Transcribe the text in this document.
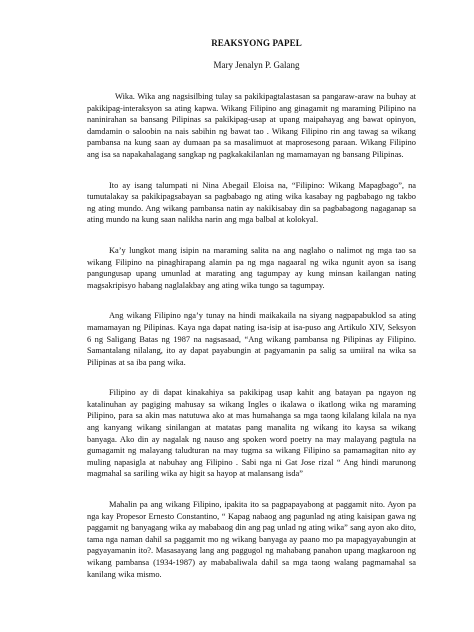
REAKSYONG PAPEL
Mary Jenalyn P. Galang

Wika. Wika ang nagsisilbing tulay sa pakikipagtalastasan sa pangaraw-araw na buhay at pakikipag-interaksyon sa ating kapwa. Wikang Filipino ang ginagamit ng maraming Pilipino na naninirahan sa bansang Pilipinas sa pakikipag-usap at upang maipahayag ang bawat opinyon, damdamin o saloobin na nais sabihin ng bawat tao . Wikang Filipino rin ang tawag sa wikang pambansa na kung saan ay dumaan pa sa masalimuot at maprosesong paraan. Wikang Filipino ang isa sa napakahalagang sangkap ng pagkakakilanlan ng mamamayan ng bansang Pilipinas.

Ito ay isang talumpati ni Nina Abegail Eloisa na, “Filipino: Wikang Mapagbago”, na tumutalakay sa pakikipagsabayan sa pagbabago ng ating wika kasabay ng pagbabago ng takbo ng ating mundo. Ang wikang pambansa natin ay nakikisabay din sa pagbabagong nagaganap sa ating mundo na kung saan nalikha narin ang mga balbal at kolokyal.

Ka’y lungkot mang isipin na maraming salita na ang naglaho o nalimot ng mga tao sa wikang Filipino na pinaghirapang alamin pa ng mga nagaaral ng wika ngunit ayon sa isang pangungusap upang umunlad at marating ang tagumpay ay kung minsan kailangan nating magsakripisyo habang naglalakbay ang ating wika tungo sa tagumpay.

Ang wikang Filipino nga’y tunay na hindi maikakaila na siyang nagpapabuklod sa ating mamamayan ng Pilipinas. Kaya nga dapat nating isa-isip at isa-puso ang Artikulo XIV, Seksyon 6 ng Saligang Batas ng 1987 na nagsasaad, “Ang wikang pambansa ng Pilipinas ay Filipino. Samantalang nilalang, ito ay dapat payabungin at pagyamanin pa salig sa umiiral na wika sa Pilipinas at sa iba pang wika.

Filipino ay di dapat kinakahiya sa pakikipag usap kahit ang batayan pa ngayon ng katalinuhan ay pagiging mahusay sa wikang Ingles o ikalawa o ikatlong wika ng maraming Pilipino, para sa akin mas natutuwa ako at mas humahanga sa mga taong kilalang kilala na nya ang kanyang wikang sinilangan at matatas pang manalita ng wikang ito kaysa sa wikang banyaga. Ako din ay nagalak ng nauso ang spoken word poetry na may malayang pagtula na gumagamit ng malayang taludturan na may tugma sa wikang Filipino sa pamamagitan nito ay muling napasigla at nabuhay ang Filipino . Sabi nga ni Gat Jose rizal “ Ang hindi marunong magmahal sa sariling wika ay higit sa hayop at malansang isda”

Mahalin pa ang wikang Filipino, ipakita ito sa pagpapayabong at paggamit nito. Ayon pa nga kay Propesor Ernesto Constantino, “ Kapag nabaog ang pagunlad ng ating kaisipan gawa ng paggamit ng banyagang wika ay mababaog din ang pag unlad ng ating wika” sang ayon ako dito, tama nga naman dahil sa paggamit mo ng wikang banyaga ay paano mo pa mapagyayabungin at pagyayamanin ito?. Masasayang lang ang paggugol ng mahabang panahon upang magkaroon ng wikang pambansa (1934-1987) ay mababaliwala dahil sa mga taong walang pagmamahal sa kanilang wika mismo.
